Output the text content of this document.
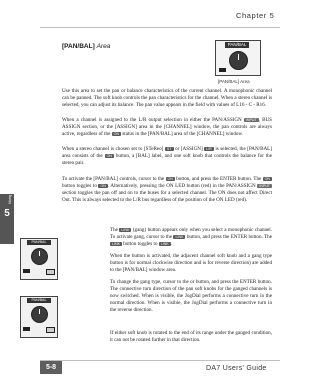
Chapter 5
[PAN/BAL] Area	PAN/BAL
[PAN/BAL] Area

Use this area to set the pan or balance characteristics of the current channel. A monophonic channel can be panned. The soft knob controls the pan characteristics for the channel. When a stereo channel is selected, you can adjust its balance. The pan value appears in the field with values of L16 - C - R16.

When a channel is assigned to the L/R output selection in either the PAN/ASSIGN INPUT , BUS ASSIGN section, or the [ASSIGN] area in the [CHANNEL] window, the pan controls are always active, regardless of the ON status in the [PAN/BAL] area of the [CHANNEL] window.

When a stereo channel is chosen set to [STeReo] ST or [ASSIGN] L/R is selected, the [PAN/BAL] area consists of the ON button, a [BAL] label, and one soft knob that controls the balance for the stereo pair.

To activate the [PAN/BAL] controls, cursor to the ON button, and press the ENTER button. The ON button toggles to ON . Alternatively, pressing the ON LED button (red) in the PAN/ASSIGN INPUT section toggles the pan off and on to the buses for a selected channel. The ON does not affect Direct Out. This is always selected to the L/R bus regardless of the position of the ON LED (red).

5
Mixing
PAN/BAL
PAN/BAL

The LINK (gang) button appears only when you select a monophonic channel. To activate gang, cursor to the LINK button, and press the ENTER button. The LINK button toggles to LINK .

When the button is activated, the adjacent channel soft knob and a gang type button is for normal clockwise direction and is for reverse direction) are added to the [PAN/BAL] window area.

To change the gang type, cursor to the or button, and press the ENTER button. The connective turn direction of the pan soft knobs for the ganged channels is now switched. When is visible, the JogDial performs a connective turn in the normal direction. When is visible, the JogDial performs a connective turn in the reverse direction.

If either soft knob is rotated to the end of its range under the ganged condition, it can not be rotated further in that direction.

5-8	DA7 Users' Guide
